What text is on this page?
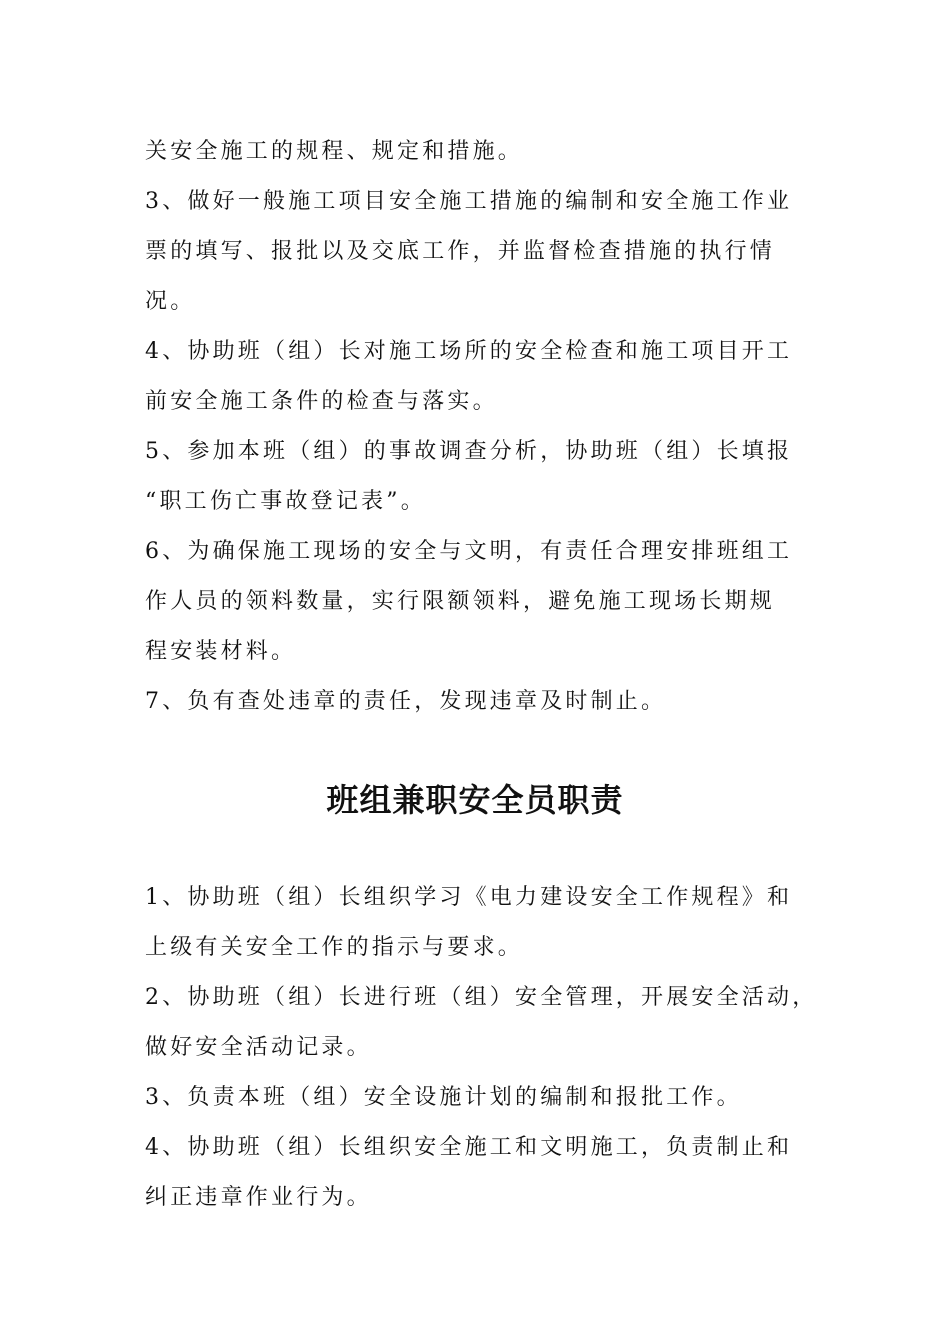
关安全施工的规程、规定和措施。
3、做好一般施工项目安全施工措施的编制和安全施工作业
票的填写、报批以及交底工作，并监督检查措施的执行情
况。
4、协助班（组）长对施工场所的安全检查和施工项目开工
前安全施工条件的检查与落实。
5、参加本班（组）的事故调查分析，协助班（组）长填报
“职工伤亡事故登记表”。
6、为确保施工现场的安全与文明，有责任合理安排班组工
作人员的领料数量，实行限额领料，避免施工现场长期规
程安装材料。
7、负有查处违章的责任，发现违章及时制止。
班组兼职安全员职责
1、协助班（组）长组织学习《电力建设安全工作规程》和
上级有关安全工作的指示与要求。
2、协助班（组）长进行班（组）安全管理，开展安全活动，
做好安全活动记录。
3、负责本班（组）安全设施计划的编制和报批工作。
4、协助班（组）长组织安全施工和文明施工，负责制止和
纠正违章作业行为。
